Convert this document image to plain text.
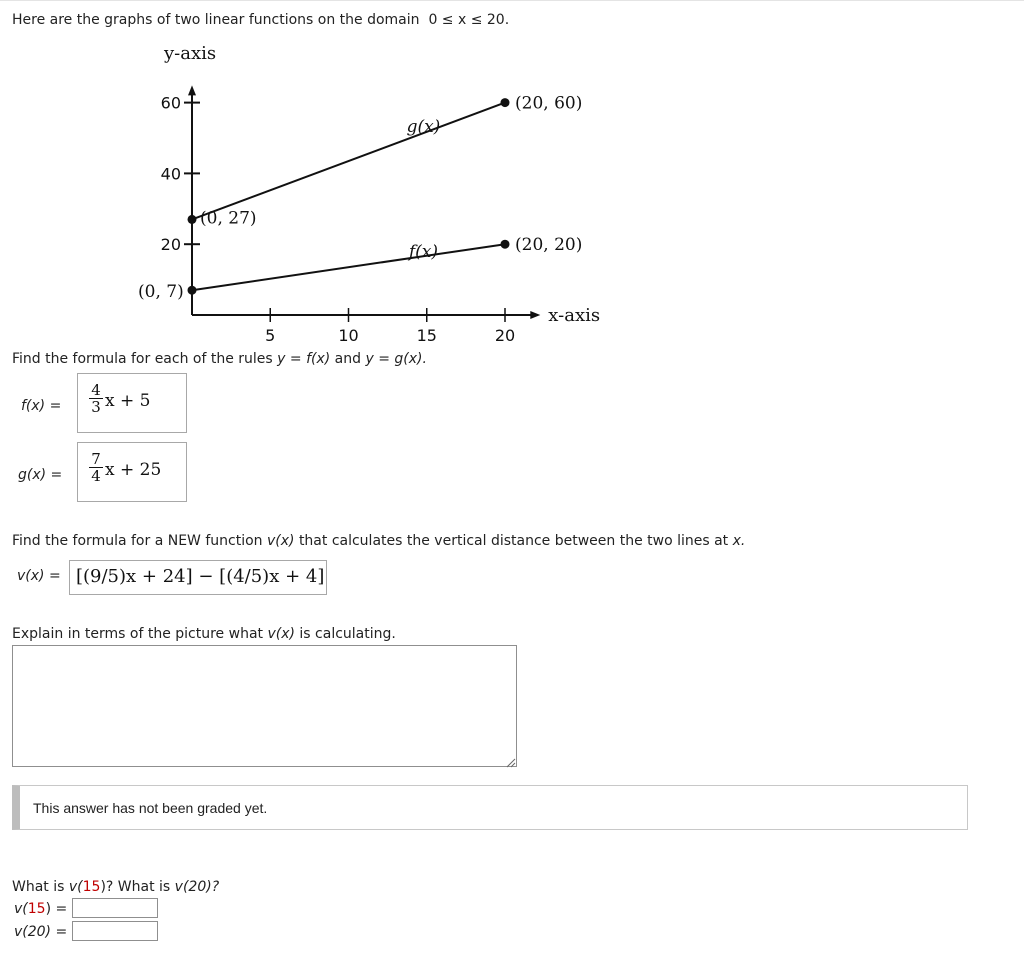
Here are the graphs of two linear functions on the domain 0 ≤ x ≤ 20.
y-axis
x-axis
20
40
60
5	10	15	20
f(x)
g(x)
(0, 7)
(20, 20)
(0, 27)
(20, 60)
Find the formula for each of the rules y = f(x) and y = g(x).
f(x) =
4
3 x + 5
g(x) =
7
4 x + 25
Find the formula for a NEW function v(x) that calculates the vertical distance between the two lines at x.
v(x) = [(9/5)x + 24] − [(4/5)x + 4]
Explain in terms of the picture what v(x) is calculating.
This answer has not been graded yet.
What is v(15)? What is v(20)?
v(15) =
v(20) =
